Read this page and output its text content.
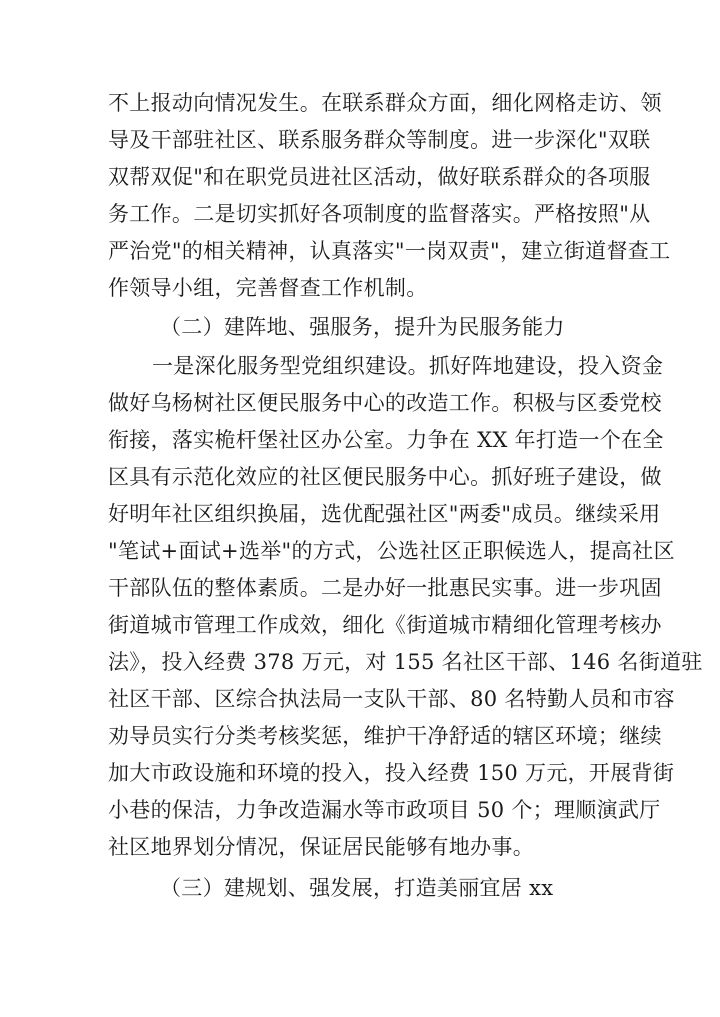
不上报动向情况发生。在联系群众方面，细化网格走访、领
导及干部驻社区、联系服务群众等制度。进一步深化"双联
双帮双促"和在职党员进社区活动，做好联系群众的各项服
务工作。二是切实抓好各项制度的监督落实。严格按照"从
严治党"的相关精神，认真落实"一岗双责"，建立街道督查工
作领导小组，完善督查工作机制。
（二）建阵地、强服务，提升为民服务能力
一是深化服务型党组织建设。抓好阵地建设，投入资金
做好乌杨树社区便民服务中心的改造工作。积极与区委党校
衔接，落实桅杆堡社区办公室。力争在 XX 年打造一个在全
区具有示范化效应的社区便民服务中心。抓好班子建设，做
好明年社区组织换届，选优配强社区"两委"成员。继续采用
"笔试+面试+选举"的方式，公选社区正职候选人，提高社区
干部队伍的整体素质。二是办好一批惠民实事。进一步巩固
街道城市管理工作成效，细化《街道城市精细化管理考核办
法》，投入经费 378 万元，对 155 名社区干部、146 名街道驻
社区干部、区综合执法局一支队干部、80 名特勤人员和市容
劝导员实行分类考核奖惩，维护干净舒适的辖区环境；继续
加大市政设施和环境的投入，投入经费 150 万元，开展背街
小巷的保洁，力争改造漏水等市政项目 50 个；理顺演武厅
社区地界划分情况，保证居民能够有地办事。
（三）建规划、强发展，打造美丽宜居 xx
